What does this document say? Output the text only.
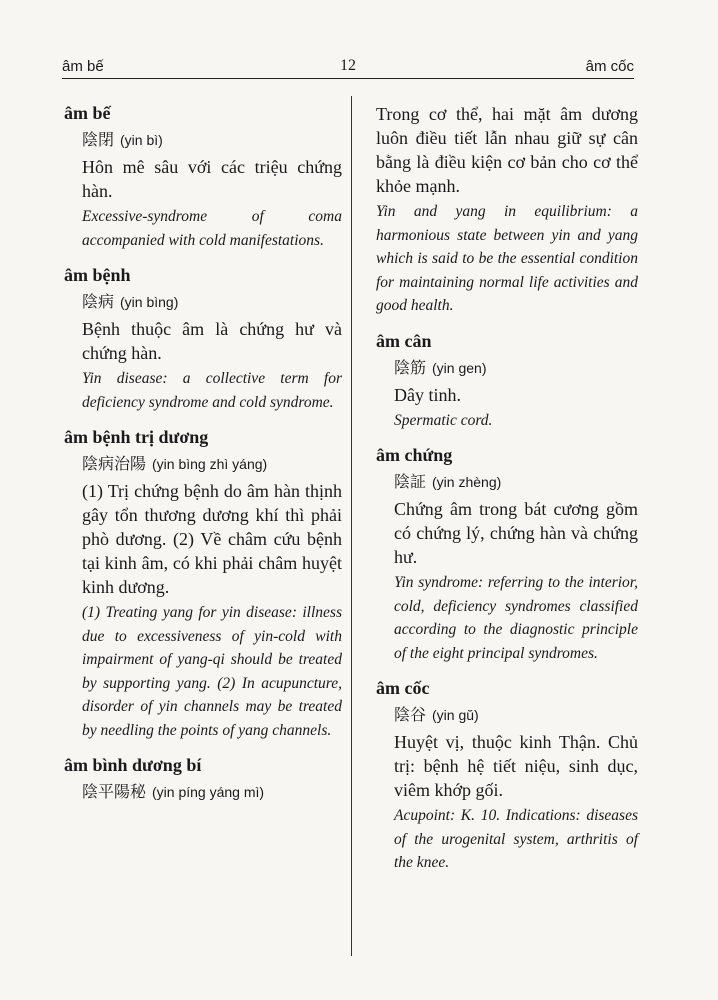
âm bế	12	âm cốc
âm bế
陰閉 (yin bì)
Hôn mê sâu với các triệu chứng hàn.
Excessive-syndrome of coma accompanied with cold manifestations.
âm bệnh
陰病 (yin bìng)
Bệnh thuộc âm là chứng hư và chứng hàn.
Yin disease: a collective term for deficiency syndrome and cold syndrome.
âm bệnh trị dương
陰病治陽 (yin bìng zhì yáng)
(1) Trị chứng bệnh do âm hàn thịnh gây tổn thương dương khí thì phải phò dương. (2) Về châm cứu bệnh tại kinh âm, có khi phải châm huyệt kinh dương.
(1) Treating yang for yin disease: illness due to excessiveness of yin-cold with impairment of yang-qi should be treated by supporting yang. (2) In acupuncture, disorder of yin channels may be treated by needling the points of yang channels.
âm bình dương bí
陰平陽秘 (yin píng yáng mì)
Trong cơ thể, hai mặt âm dương luôn điều tiết lẫn nhau giữ sự cân bằng là điều kiện cơ bản cho cơ thể khỏe mạnh.
Yin and yang in equilibrium: a harmonious state between yin and yang which is said to be the essential condition for maintaining normal life activities and good health.
âm cân
陰筋 (yin gen)
Dây tinh.
Spermatic cord.
âm chứng
陰証 (yin zhèng)
Chứng âm trong bát cương gồm có chứng lý, chứng hàn và chứng hư.
Yin syndrome: referring to the interior, cold, deficiency syndromes classified according to the diagnostic principle of the eight principal syndromes.
âm cốc
陰谷 (yin gŭ)
Huyệt vị, thuộc kinh Thận. Chủ trị: bệnh hệ tiết niệu, sinh dục, viêm khớp gối.
Acupoint: K. 10. Indications: diseases of the urogenital system, arthritis of the knee.
